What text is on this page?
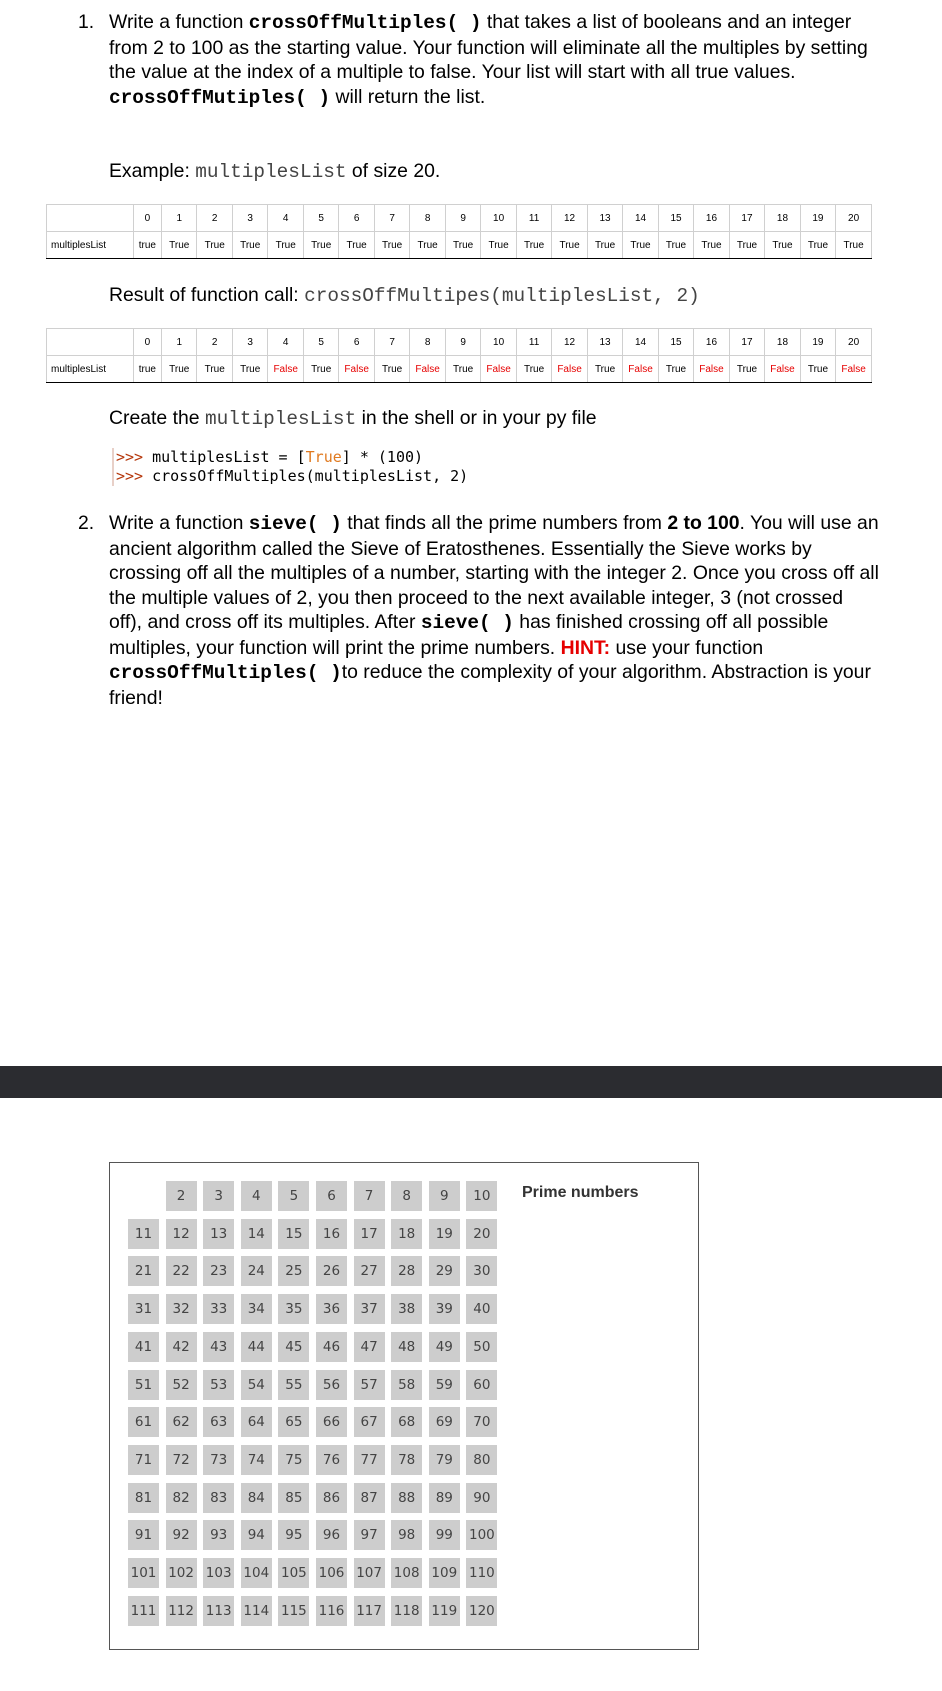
1. Write a function crossOffMultiples( ) that takes a list of booleans and an integer from 2 to 100 as the starting value. Your function will eliminate all the multiples by setting the value at the index of a multiple to false. Your list will start with all true values.
crossOffMutiples( ) will return the list.
Example: multiplesList of size 20.
	0	1	2	3	4	5	6	7	8	9	10	11	12	13	14	15	16	17	18	19	20
multiplesList	true	True	True	True	True	True	True	True	True	True	True	True	True	True	True	True	True	True	True	True	True
Result of function call: crossOffMultipes(multiplesList, 2)
	0	1	2	3	4	5	6	7	8	9	10	11	12	13	14	15	16	17	18	19	20
multiplesList	true	True	True	True	False	True	False	True	False	True	False	True	False	True	False	True	False	True	False	True	False
Create the multiplesList in the shell or in your py file
>>> multiplesList = [True] * (100)
>>> crossOffMultiples(multiplesList, 2)
2. Write a function sieve( ) that finds all the prime numbers from 2 to 100. You will use an ancient algorithm called the Sieve of Eratosthenes. Essentially the Sieve works by crossing off all the multiples of a number, starting with the integer 2. Once you cross off all the multiple values of 2, you then proceed to the next available integer, 3 (not crossed off), and cross off its multiples. After sieve( ) has finished crossing off all possible multiples, your function will print the prime numbers. HINT: use your function crossOffMultiples( )to reduce the complexity of your algorithm. Abstraction is your friend!
2	3	4	5	6	7	8	9	10
11	12	13	14	15	16	17	18	19	20
21	22	23	24	25	26	27	28	29	30
31	32	33	34	35	36	37	38	39	40
41	42	43	44	45	46	47	48	49	50
51	52	53	54	55	56	57	58	59	60
61	62	63	64	65	66	67	68	69	70
71	72	73	74	75	76	77	78	79	80
81	82	83	84	85	86	87	88	89	90
91	92	93	94	95	96	97	98	99	100
101 102 103 104 105 106 107 108 109 110
111 112 113 114 115 116 117 118 119 120
Prime numbers
